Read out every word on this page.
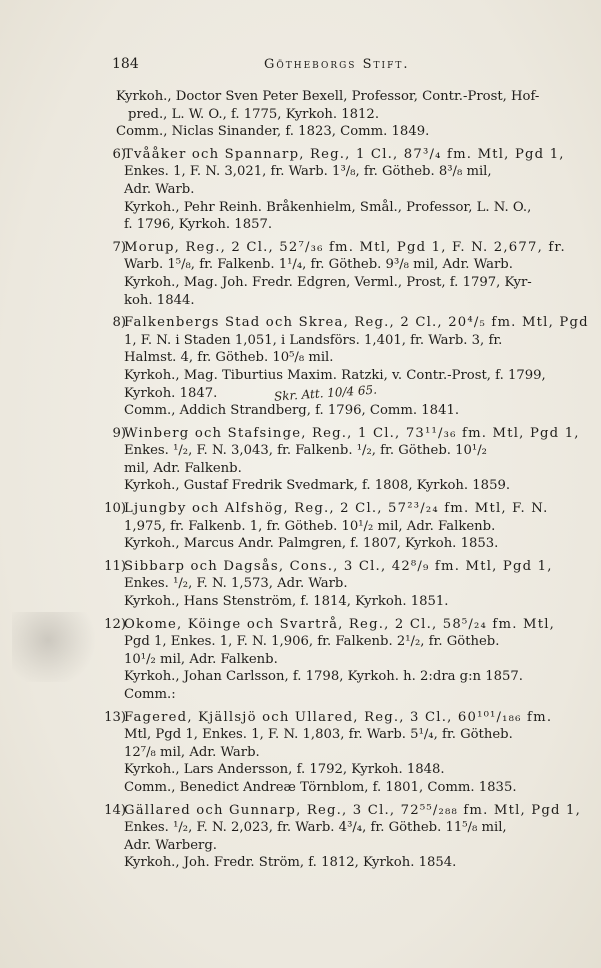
184	Götheborgs Stift.
Kyrkoh., Doctor Sven Peter Bexell, Professor, Contr.-Prost, Hof-
pred., L. W. O., f. 1775, Kyrkoh. 1812.
Comm., Niclas Sinander, f. 1823, Comm. 1849.
6)
Tvååker och Spannarp, Reg., 1 Cl., 87³/₄ fm. Mtl, Pgd 1,
Enkes. 1, F. N. 3,021, fr. Warb. 1³/₈, fr. Götheb. 8³/₈ mil,
Adr. Warb.
Kyrkoh., Pehr Reinh. Bråkenhielm, Smål., Professor, L. N. O.,
f. 1796, Kyrkoh. 1857.
7)
Morup, Reg., 2 Cl., 52⁷/₃₆ fm. Mtl, Pgd 1, F. N. 2,677, fr.
Warb. 1⁵/₈, fr. Falkenb. 1¹/₄, fr. Götheb. 9³/₈ mil, Adr. Warb.
Kyrkoh., Mag. Joh. Fredr. Edgren, Verml., Prost, f. 1797, Kyr-
koh. 1844.
8)
Falkenbergs Stad och Skrea, Reg., 2 Cl., 20⁴/₅ fm. Mtl, Pgd
1, F. N. i Staden 1,051, i Landsförs. 1,401, fr. Warb. 3, fr.
Halmst. 4, fr. Götheb. 10⁵/₈ mil.
Kyrkoh., Mag. Tiburtius Maxim. Ratzki, v. Contr.-Prost, f. 1799,
Kyrkoh. 1847.	Skr. Att. 10/4 65.
Comm., Addich Strandberg, f. 1796, Comm. 1841.
9)
Winberg och Stafsinge, Reg., 1 Cl., 73¹¹/₃₆ fm. Mtl, Pgd 1,
Enkes. ¹/₂, F. N. 3,043, fr. Falkenb. ¹/₂, fr. Götheb. 10¹/₂
mil, Adr. Falkenb.
Kyrkoh., Gustaf Fredrik Svedmark, f. 1808, Kyrkoh. 1859.
10)
Ljungby och Alfshög, Reg., 2 Cl., 57²³/₂₄ fm. Mtl, F. N.
1,975, fr. Falkenb. 1, fr. Götheb. 10¹/₂ mil, Adr. Falkenb.
Kyrkoh., Marcus Andr. Palmgren, f. 1807, Kyrkoh. 1853.
11)
Sibbarp och Dagsås, Cons., 3 Cl., 42⁸/₉ fm. Mtl, Pgd 1,
Enkes. ¹/₂, F. N. 1,573, Adr. Warb.
Kyrkoh., Hans Stenström, f. 1814, Kyrkoh. 1851.
12)
Okome, Köinge och Svartrå, Reg., 2 Cl., 58⁵/₂₄ fm. Mtl,
Pgd 1, Enkes. 1, F. N. 1,906, fr. Falkenb. 2¹/₂, fr. Götheb.
10¹/₂ mil, Adr. Falkenb.
Kyrkoh., Johan Carlsson, f. 1798, Kyrkoh. h. 2:dra g:n 1857.
Comm.:
13)
Fagered, Kjällsjö och Ullared, Reg., 3 Cl., 60¹⁰¹/₁₈₆ fm.
Mtl, Pgd 1, Enkes. 1, F. N. 1,803, fr. Warb. 5¹/₄, fr. Götheb.
12⁷/₈ mil, Adr. Warb.
Kyrkoh., Lars Andersson, f. 1792, Kyrkoh. 1848.
Comm., Benedict Andreæ Törnblom, f. 1801, Comm. 1835.
14)
Gällared och Gunnarp, Reg., 3 Cl., 72⁵⁵/₂₈₈ fm. Mtl, Pgd 1,
Enkes. ¹/₂, F. N. 2,023, fr. Warb. 4³/₄, fr. Götheb. 11⁵/₈ mil,
Adr. Warberg.
Kyrkoh., Joh. Fredr. Ström, f. 1812, Kyrkoh. 1854.
